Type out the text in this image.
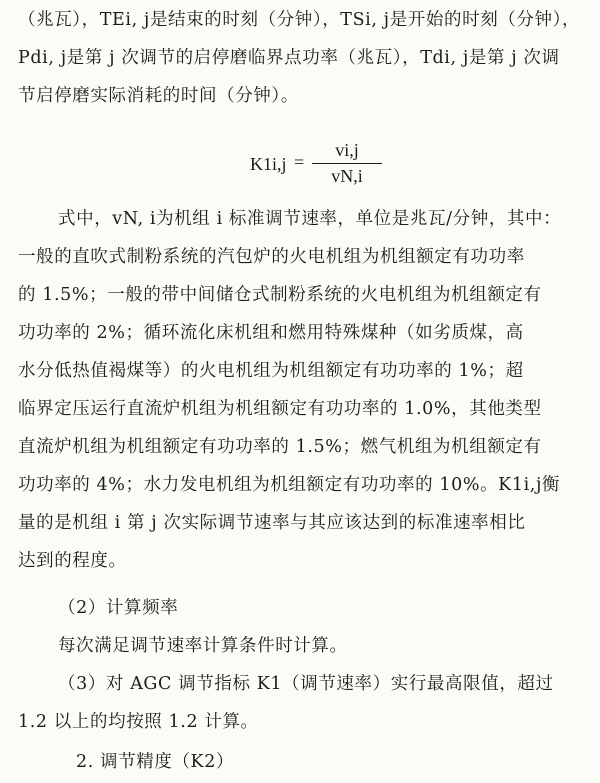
（兆瓦），TEi, j是结束的时刻（分钟），TSi, j是开始的时刻（分钟），
Pdi, j是第 j 次调节的启停磨临界点功率（兆瓦），Tdi, j是第 j 次调
节启停磨实际消耗的时间（分钟）。
K1i,j =
vi,j
vN,i
式中，vN, i为机组 i 标准调节速率，单位是兆瓦/分钟，其中：
一般的直吹式制粉系统的汽包炉的火电机组为机组额定有功功率
的 1.5%；一般的带中间储仓式制粉系统的火电机组为机组额定有
功功率的 2%；循环流化床机组和燃用特殊煤种（如劣质煤，高
水分低热值褐煤等）的火电机组为机组额定有功功率的 1%；超
临界定压运行直流炉机组为机组额定有功功率的 1.0%，其他类型
直流炉机组为机组额定有功功率的 1.5%；燃气机组为机组额定有
功功率的 4%；水力发电机组为机组额定有功功率的 10%。K1i,j衡
量的是机组 i 第 j 次实际调节速率与其应该达到的标准速率相比
达到的程度。
（2）计算频率
每次满足调节速率计算条件时计算。
（3）对 AGC 调节指标 K1（调节速率）实行最高限值，超过
1.2 以上的均按照 1.2 计算。
2. 调节精度（K2）
